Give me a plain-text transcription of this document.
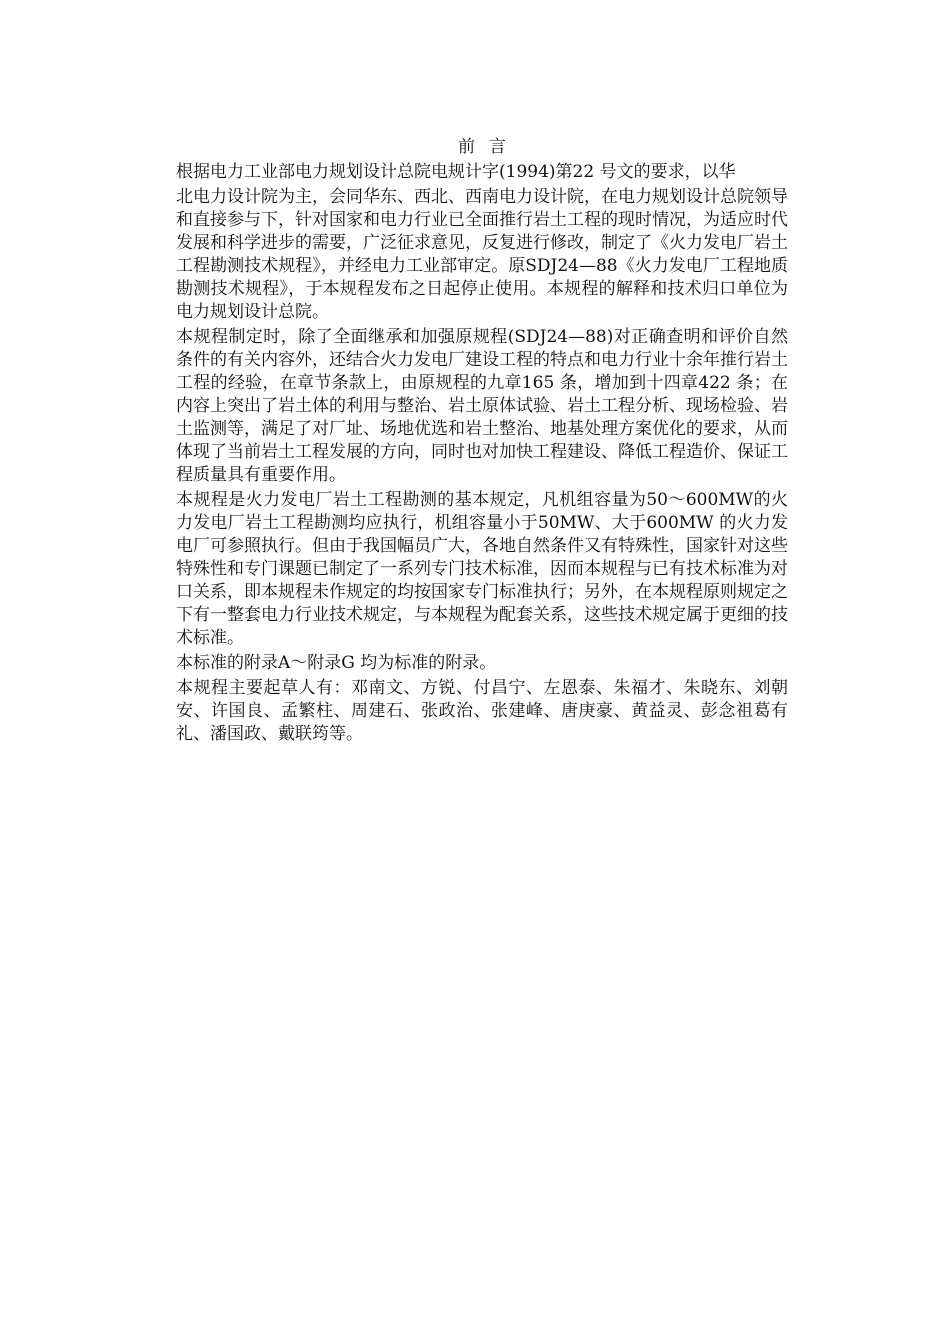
前言

根据电力工业部电力规划设计总院电规计字(1994)第22 号文的要求，以华

北电力设计院为主，会同华东、西北、西南电力设计院，在电力规划设计总院领导和直接参与下，针对国家和电力行业已全面推行岩土工程的现时情况，为适应时代发展和科学进步的需要，广泛征求意见，反复进行修改，制定了《火力发电厂岩土工程勘测技术规程》，并经电力工业部审定。原SDJ24—88《火力发电厂工程地质勘测技术规程》，于本规程发布之日起停止使用。本规程的解释和技术归口单位为电力规划设计总院。

本规程制定时，除了全面继承和加强原规程(SDJ24—88)对正确查明和评价自然条件的有关内容外，还结合火力发电厂建设工程的特点和电力行业十余年推行岩土工程的经验，在章节条款上，由原规程的九章165 条，增加到十四章422 条；在内容上突出了岩土体的利用与整治、岩土原体试验、岩土工程分析、现场检验、岩土监测等，满足了对厂址、场地优选和岩土整治、地基处理方案优化的要求，从而体现了当前岩土工程发展的方向，同时也对加快工程建设、降低工程造价、保证工程质量具有重要作用。

本规程是火力发电厂岩土工程勘测的基本规定，凡机组容量为50～600MW的火力发电厂岩土工程勘测均应执行，机组容量小于50MW、大于600MW 的火力发电厂可参照执行。但由于我国幅员广大，各地自然条件又有特殊性，国家针对这些特殊性和专门课题已制定了一系列专门技术标准，因而本规程与已有技术标准为对口关系，即本规程未作规定的均按国家专门标准执行；另外，在本规程原则规定之下有一整套电力行业技术规定，与本规程为配套关系，这些技术规定属于更细的技术标准。

本标准的附录A～附录G 均为标准的附录。

本规程主要起草人有：邓南文、方锐、付昌宁、左恩泰、朱福才、朱晓东、刘朝安、许国良、孟繁柱、周建石、张政治、张建峰、唐庚豪、黄益灵、彭念祖葛有礼、潘国政、戴联筠等。
